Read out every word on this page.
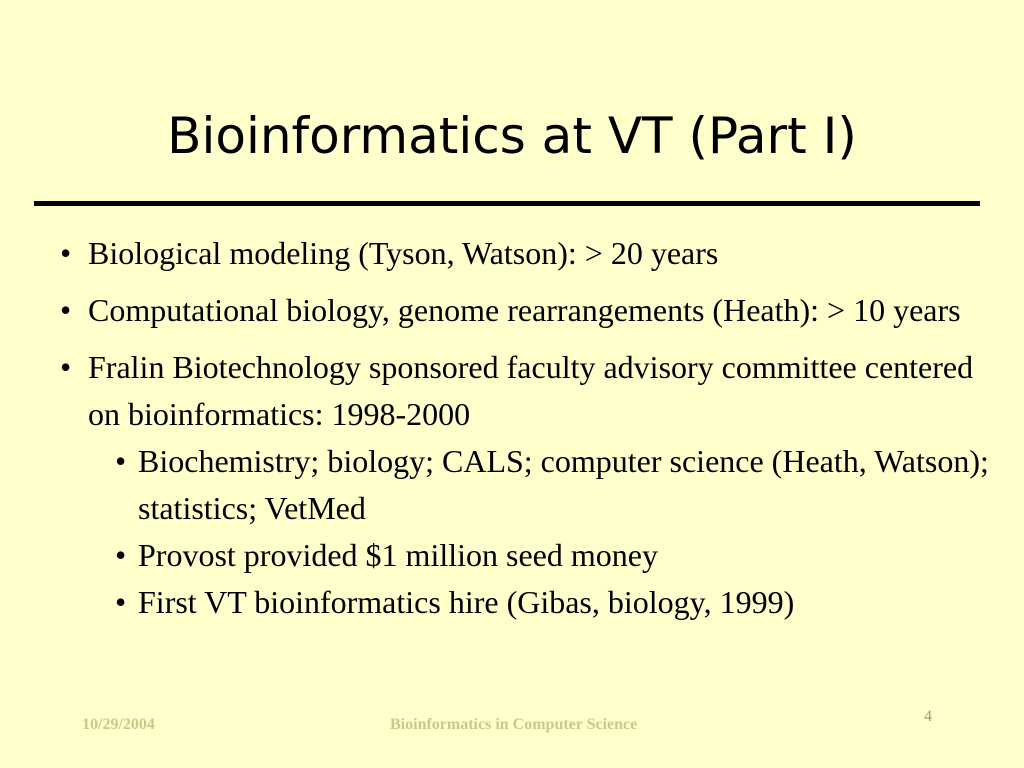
Bioinformatics at VT (Part I)
• Biological modeling (Tyson, Watson): > 20 years
• Computational biology, genome rearrangements (Heath): > 10 years
• Fralin Biotechnology sponsored faculty advisory committee centered on bioinformatics: 1998-2000
• Biochemistry; biology; CALS; computer science (Heath, Watson); statistics; VetMed
• Provost provided $1 million seed money
• First VT bioinformatics hire (Gibas, biology, 1999)
10/29/2004	Bioinformatics in Computer Science	4
